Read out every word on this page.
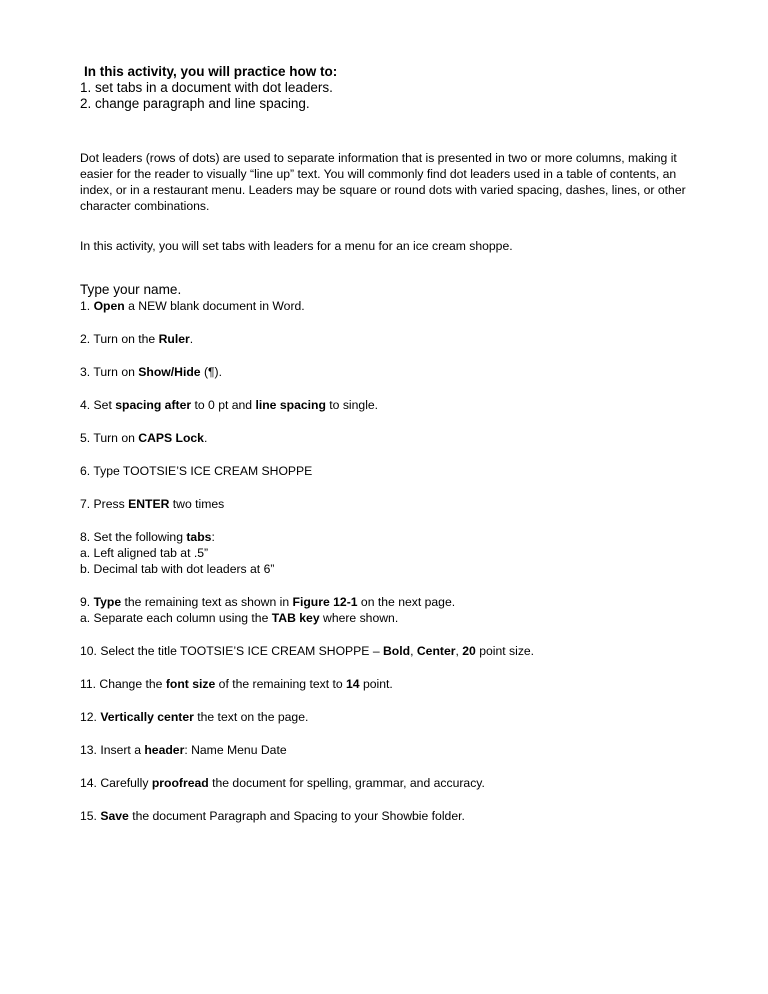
In this activity, you will practice how to:
1. set tabs in a document with dot leaders.
2. change paragraph and line spacing.
Dot leaders (rows of dots) are used to separate information that is presented in two or more columns, making it easier for the reader to visually “line up” text. You will commonly find dot leaders used in a table of contents, an index, or in a restaurant menu. Leaders may be square or round dots with varied spacing, dashes, lines, or other character combinations.
In this activity, you will set tabs with leaders for a menu for an ice cream shoppe.
Type your name.
1. Open a NEW blank document in Word.
2. Turn on the Ruler.
3. Turn on Show/Hide (¶).
4. Set spacing after to 0 pt and line spacing to single.
5. Turn on CAPS Lock.
6. Type TOOTSIE’S ICE CREAM SHOPPE
7. Press ENTER two times
8. Set the following tabs:
a. Left aligned tab at .5”
b. Decimal tab with dot leaders at 6”
9. Type the remaining text as shown in Figure 12-1 on the next page.
a. Separate each column using the TAB key where shown.
10. Select the title TOOTSIE’S ICE CREAM SHOPPE – Bold, Center, 20 point size.
11. Change the font size of the remaining text to 14 point.
12. Vertically center the text on the page.
13. Insert a header: Name Menu Date
14. Carefully proofread the document for spelling, grammar, and accuracy.
15. Save the document Paragraph and Spacing to your Showbie folder.
